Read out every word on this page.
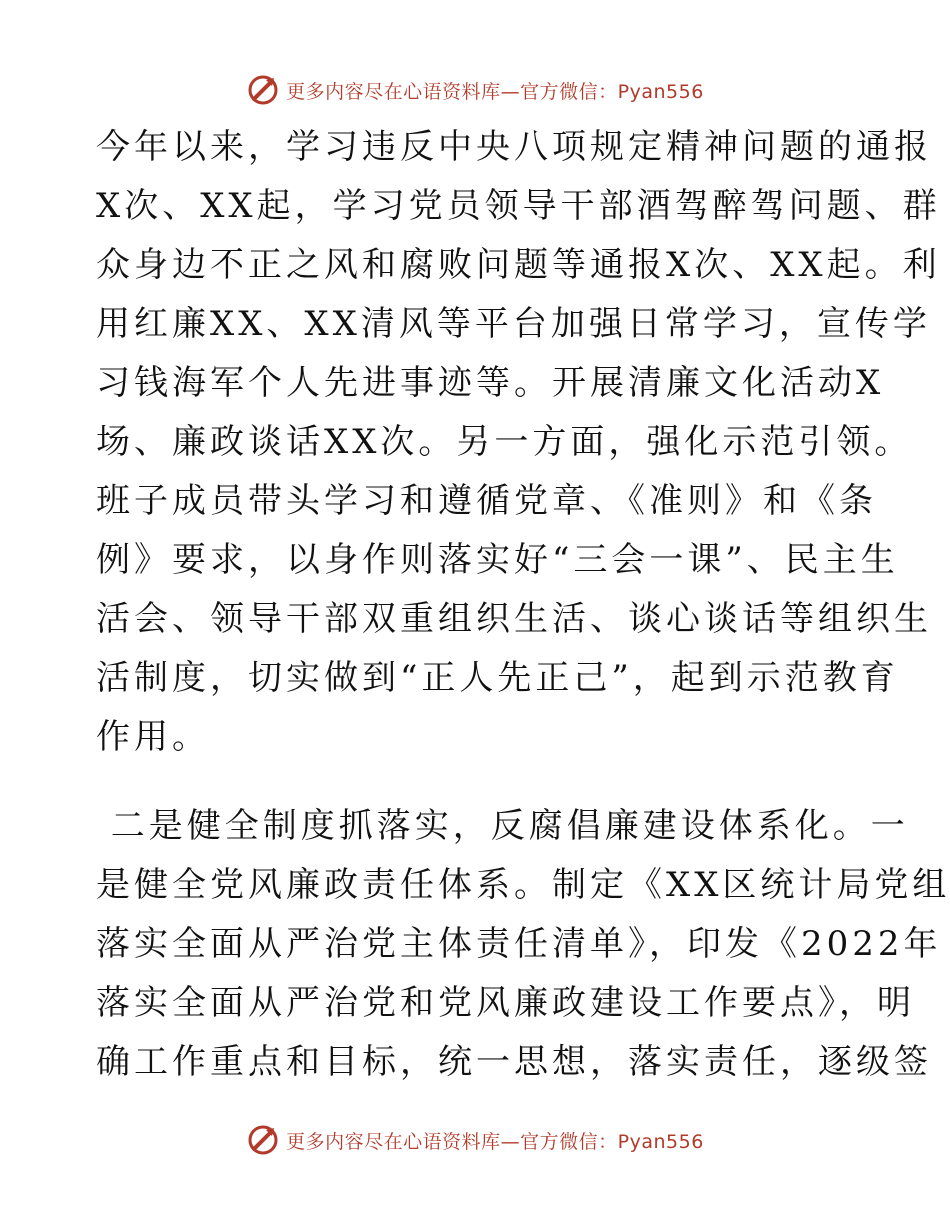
更多内容尽在心语资料库—官方微信：Pyan556
今年以来，学习违反中央八项规定精神问题的通报
X次、XX起，学习党员领导干部酒驾醉驾问题、群
众身边不正之风和腐败问题等通报X次、XX起。利
用红廉XX、XX清风等平台加强日常学习，宣传学
习钱海军个人先进事迹等。开展清廉文化活动X
场、廉政谈话XX次。另一方面，强化示范引领。
班子成员带头学习和遵循党章、《准则》和《条
例》要求，以身作则落实好“三会一课”、民主生
活会、领导干部双重组织生活、谈心谈话等组织生
活制度，切实做到“正人先正己”，起到示范教育
作用。
二是健全制度抓落实，反腐倡廉建设体系化。一
是健全党风廉政责任体系。制定《XX区统计局党组
落实全面从严治党主体责任清单》，印发《2022年
落实全面从严治党和党风廉政建设工作要点》，明
确工作重点和目标，统一思想，落实责任，逐级签
更多内容尽在心语资料库—官方微信：Pyan556
